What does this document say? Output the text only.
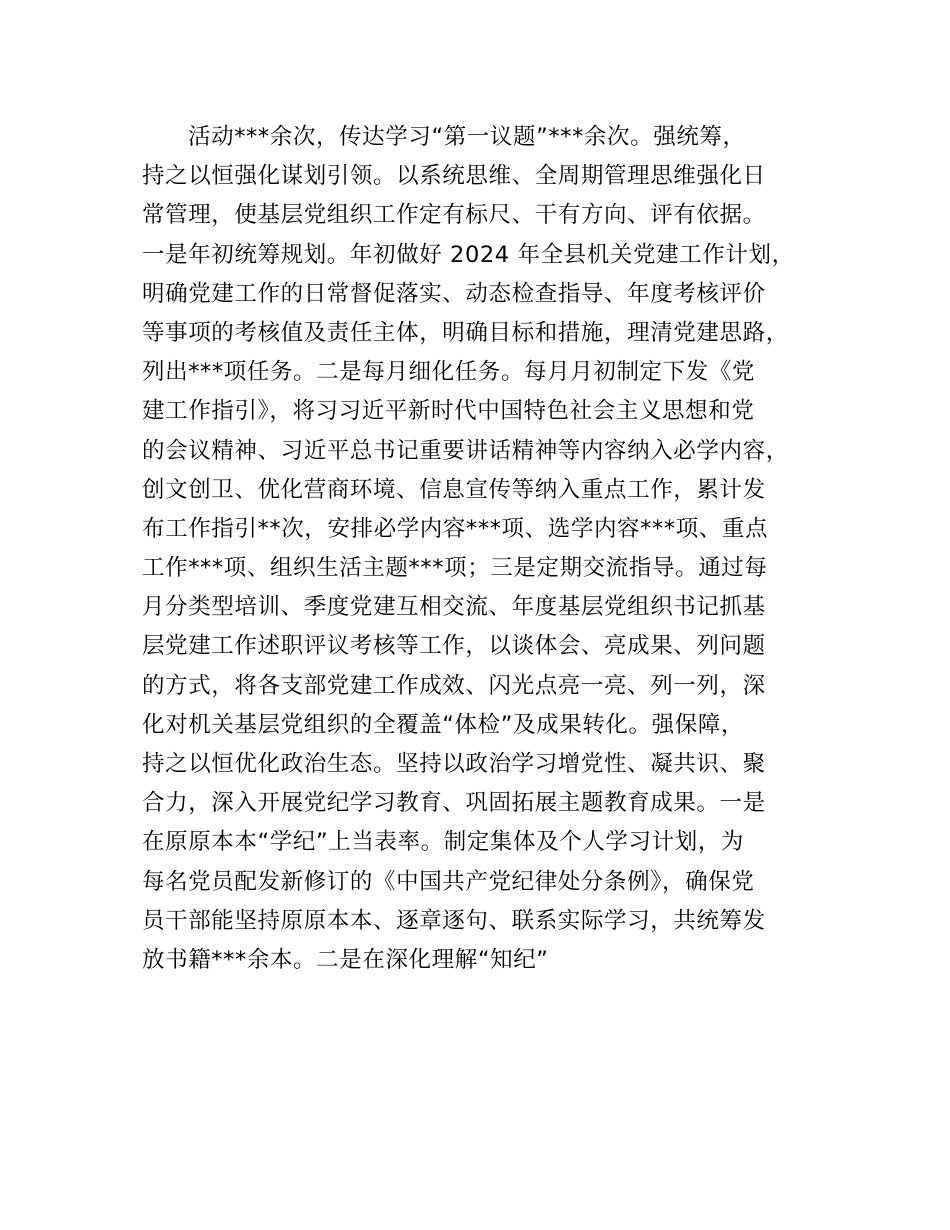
活动***余次，传达学习“第一议题”***余次。强统筹，
持之以恒强化谋划引领。以系统思维、全周期管理思维强化日
常管理，使基层党组织工作定有标尺、干有方向、评有依据。
一是年初统筹规划。年初做好 2024 年全县机关党建工作计划，
明确党建工作的日常督促落实、动态检查指导、年度考核评价
等事项的考核值及责任主体，明确目标和措施，理清党建思路，
列出***项任务。二是每月细化任务。每月月初制定下发《党
建工作指引》，将习习近平新时代中国特色社会主义思想和党
的会议精神、习近平总书记重要讲话精神等内容纳入必学内容，
创文创卫、优化营商环境、信息宣传等纳入重点工作，累计发
布工作指引**次，安排必学内容***项、选学内容***项、重点
工作***项、组织生活主题***项；三是定期交流指导。通过每
月分类型培训、季度党建互相交流、年度基层党组织书记抓基
层党建工作述职评议考核等工作，以谈体会、亮成果、列问题
的方式，将各支部党建工作成效、闪光点亮一亮、列一列，深
化对机关基层党组织的全覆盖“体检”及成果转化。强保障，
持之以恒优化政治生态。坚持以政治学习增党性、凝共识、聚
合力，深入开展党纪学习教育、巩固拓展主题教育成果。一是
在原原本本“学纪”上当表率。制定集体及个人学习计划，为
每名党员配发新修订的《中国共产党纪律处分条例》，确保党
员干部能坚持原原本本、逐章逐句、联系实际学习，共统筹发
放书籍***余本。二是在深化理解“知纪”
